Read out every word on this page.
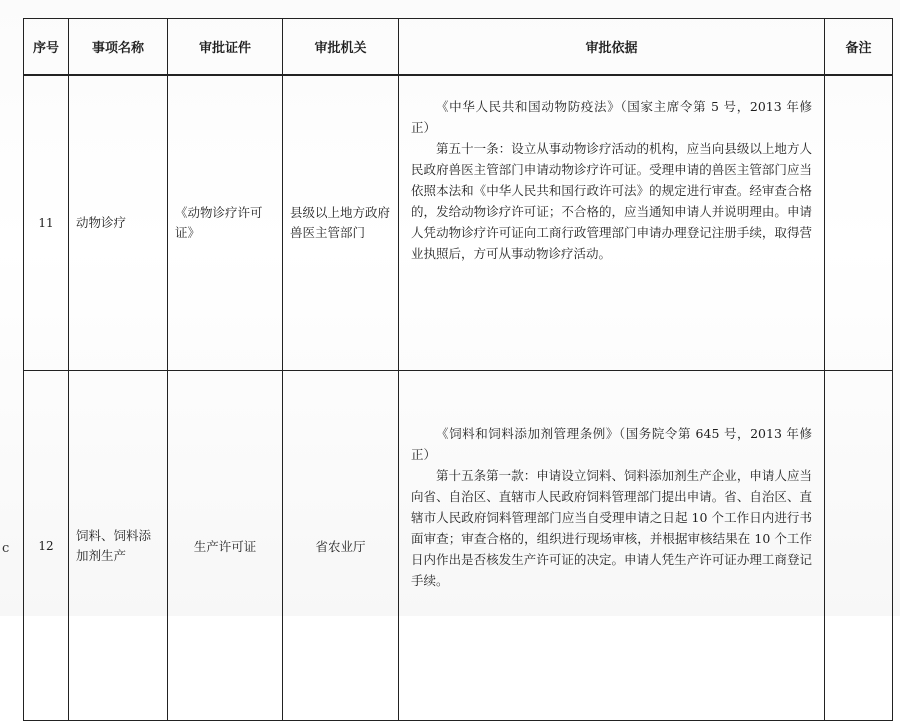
序号	事项名称	审批证件	审批机关	审批依据	备注
11	动物诊疗	《动物诊疗许可证》	县级以上地方政府兽医主管部门	《中华人民共和国动物防疫法》（国家主席令第 5 号，2013 年修正）

第五十一条：设立从事动物诊疗活动的机构，应当向县级以上地方人民政府兽医主管部门申请动物诊疗许可证。受理申请的兽医主管部门应当依照本法和《中华人民共和国行政许可法》的规定进行审查。经审查合格的，发给动物诊疗许可证；不合格的，应当通知申请人并说明理由。申请人凭动物诊疗许可证向工商行政管理部门申请办理登记注册手续，取得营业执照后，方可从事动物诊疗活动。	

12	饲料、饲料添加剂生产	生产许可证	省农业厅	《饲料和饲料添加剂管理条例》（国务院令第 645 号，2013 年修正）

第十五条第一款：申请设立饲料、饲料添加剂生产企业，申请人应当向省、自治区、直辖市人民政府饲料管理部门提出申请。省、自治区、直辖市人民政府饲料管理部门应当自受理申请之日起 10 个工作日内进行书面审查；审查合格的，组织进行现场审核，并根据审核结果在 10 个工作日内作出是否核发生产许可证的决定。申请人凭生产许可证办理工商登记手续。	

c
